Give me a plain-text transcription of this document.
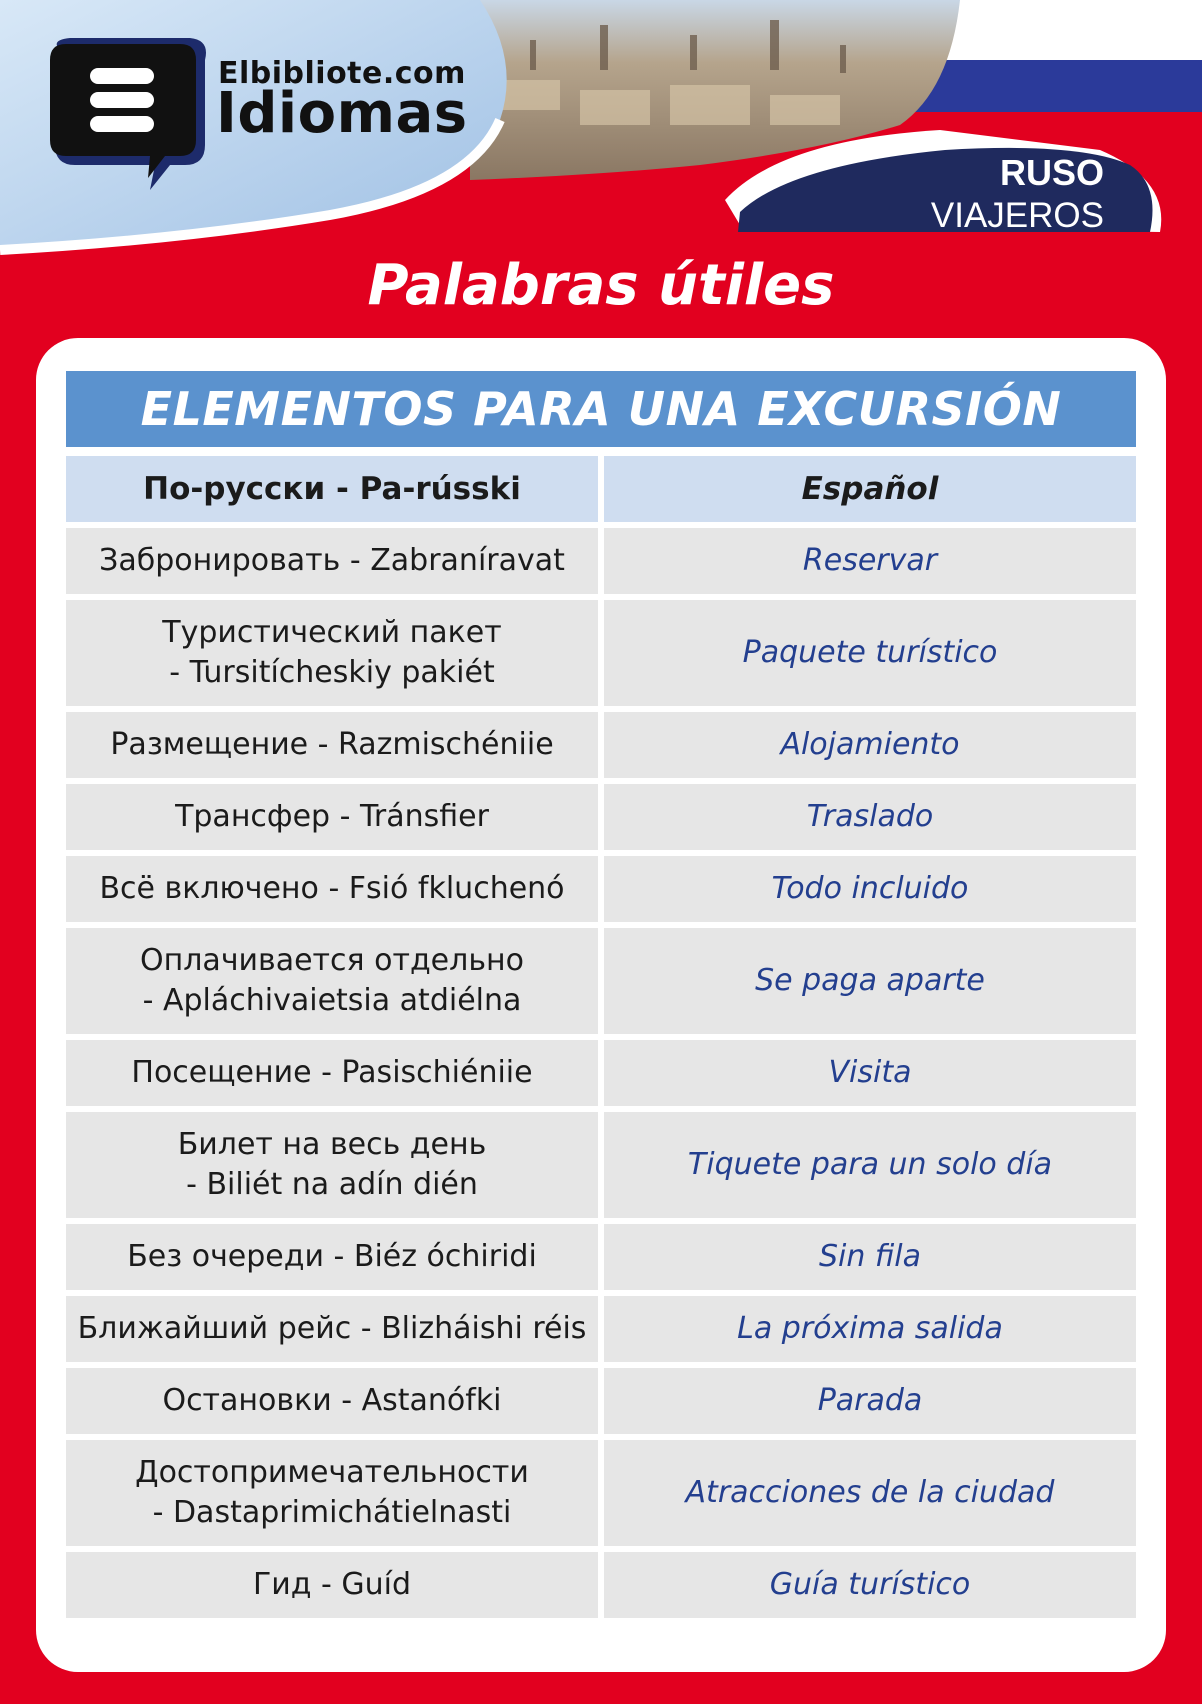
Elbibliote.com
Idiomas
RUSO
VIAJEROS
Palabras útiles
ELEMENTOS PARA UNA EXCURSIÓN
По-русски - Pa-rússki		Español

Забронировать - Zabraníravat		Reservar

Туристический пакет
- Tursitícheskiy pakiét		Paquete turístico

Размещение - Razmischéniie		Alojamiento

Трансфер - Tránsfier		Traslado

Всё включено - Fsió fkluchenó		Todo incluido

Оплачивается отдельно
- Apláchivaietsia atdiélna		Se paga aparte

Посещение - Pasischiéniie		Visita

Билет на весь день
- Biliét na adín dién		Tiquete para un solo día

Без очереди - Biéz óchiridi		Sin fila

Ближайший рейс - Blizháishi réis		La próxima salida

Остановки - Astanófki		Parada

Достопримечательности
- Dastaprimichátielnasti		Atracciones de la ciudad

Гид - Guíd		Guía turístico
